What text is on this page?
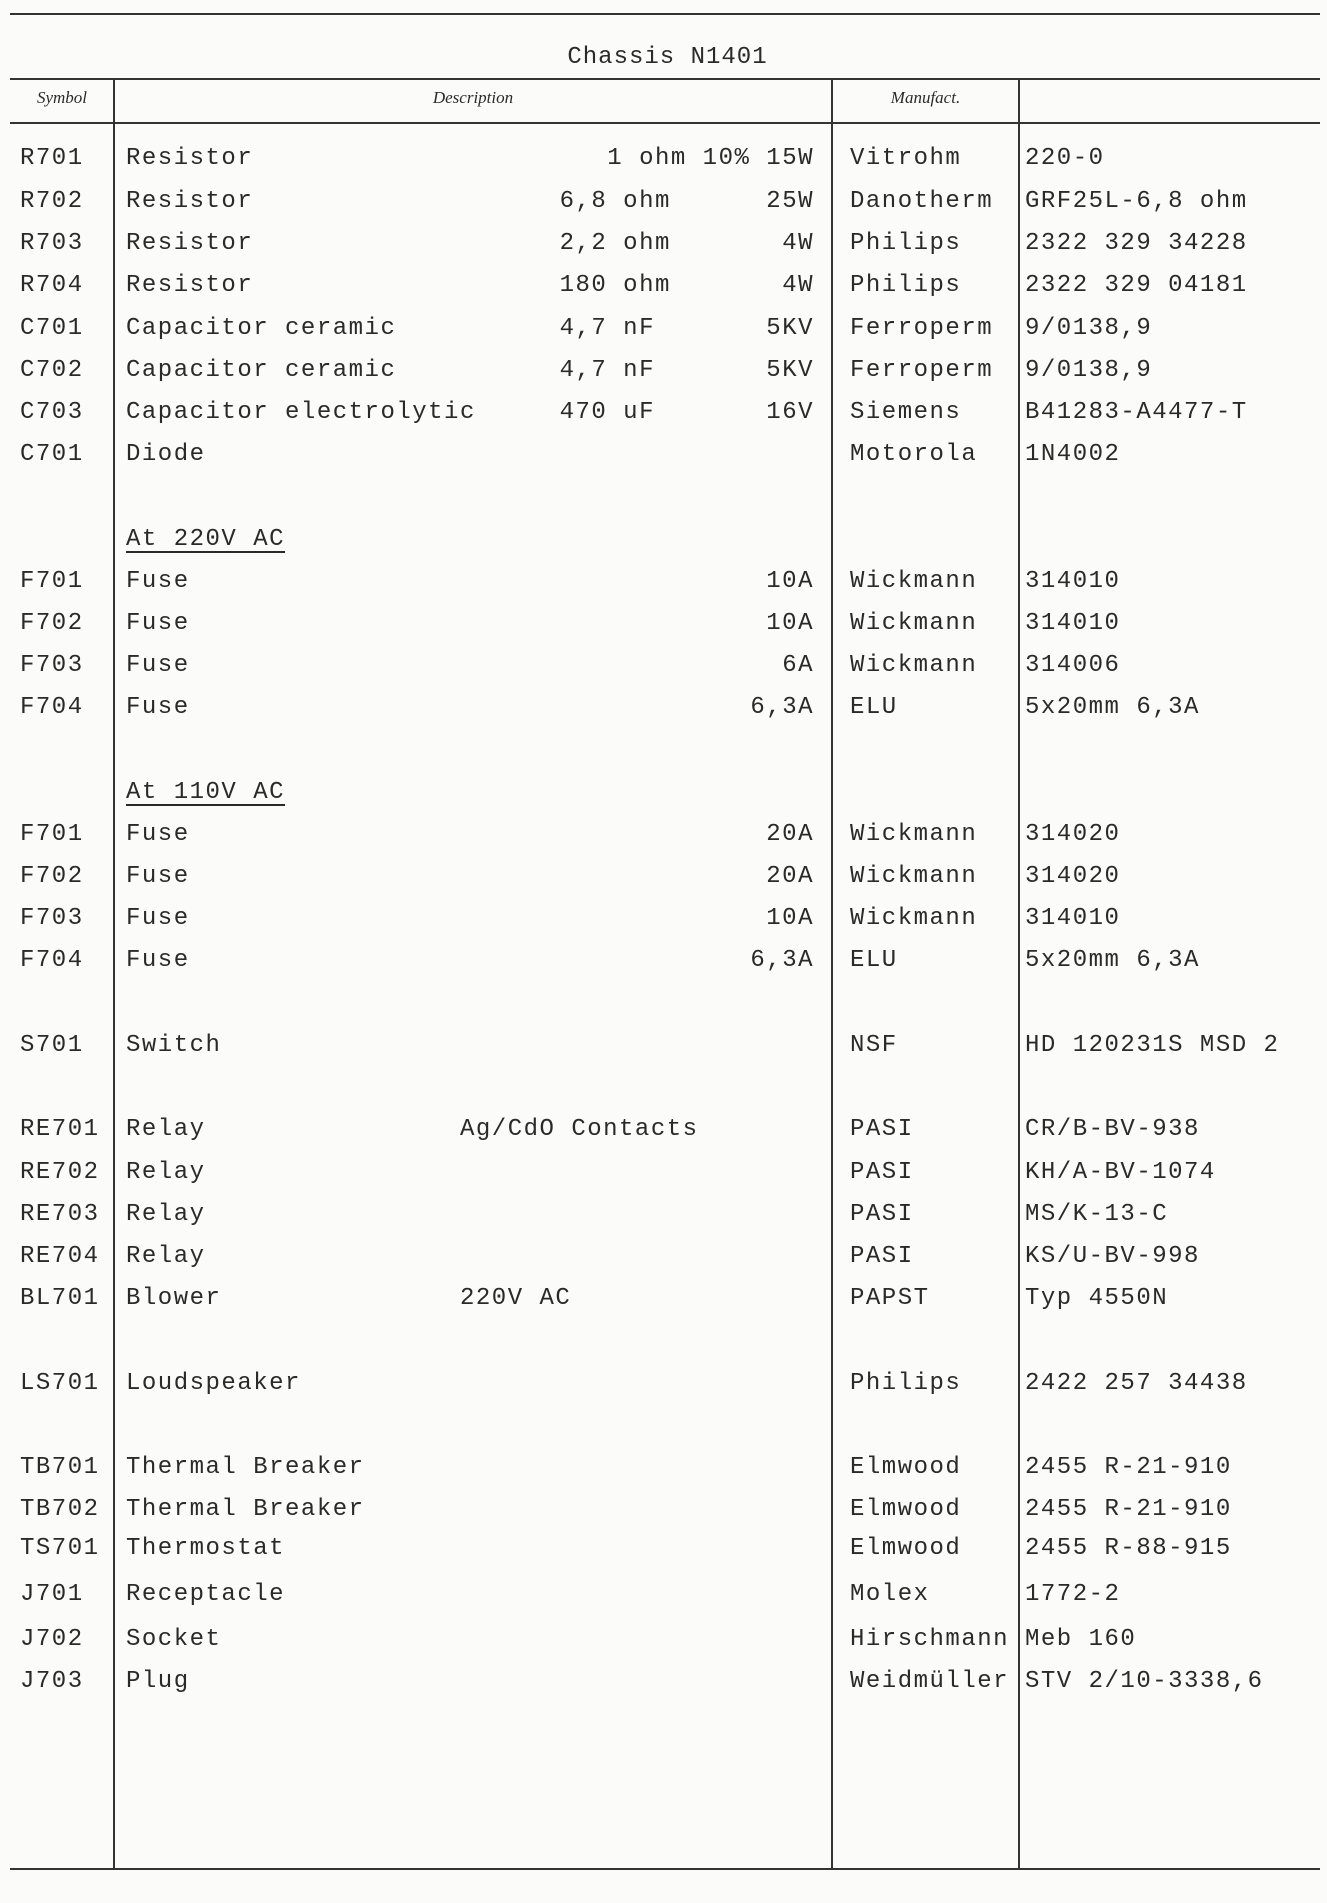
Chassis N1401
Symbol	Description	Manufact.
R701 Resistor	1 ohm 10% 15W Vitrohm	220-0
R702 Resistor	6,8 ohm      25W Danotherm GRF25L-6,8 ohm
R703 Resistor	2,2 ohm       4W Philips	2322 329 34228
R704 Resistor	180 ohm       4W Philips	2322 329 04181
C701 Capacitor ceramic	4,7 nF       5KV Ferroperm 9/0138,9
C702 Capacitor ceramic	4,7 nF       5KV Ferroperm 9/0138,9
C703 Capacitor electrolytic	470 uF       16V Siemens	B41283-A4477-T
C701 Diode	Motorola 1N4002
At 220V AC
F701 Fuse	10A Wickmann 314010
F702 Fuse	10A Wickmann 314010
F703 Fuse	6A Wickmann 314006
F704 Fuse	6,3A ELU	5x20mm 6,3A
At 110V AC
F701 Fuse	20A Wickmann 314020
F702 Fuse	20A Wickmann 314020
F703 Fuse	10A Wickmann 314010
F704 Fuse	6,3A ELU	5x20mm 6,3A
S701 Switch	NSF	HD 120231S MSD 2
RE701 Relay	Ag/CdO Contacts	PASI	CR/B-BV-938
RE702 Relay	PASI	KH/A-BV-1074
RE703 Relay	PASI	MS/K-13-C
RE704 Relay	PASI	KS/U-BV-998
BL701 Blower	220V AC	PAPST	Typ 4550N
LS701 Loudspeaker	Philips	2422 257 34438
TB701 Thermal Breaker	Elmwood	2455 R-21-910
TB702 Thermal Breaker	Elmwood	2455 R-21-910
TS701 Thermostat	Elmwood	2455 R-88-915
J701 Receptacle	Molex	1772-2
J702 Socket	Hirschmann Meb 160
J703 Plug	Weidmüller STV 2/10-3338,6
